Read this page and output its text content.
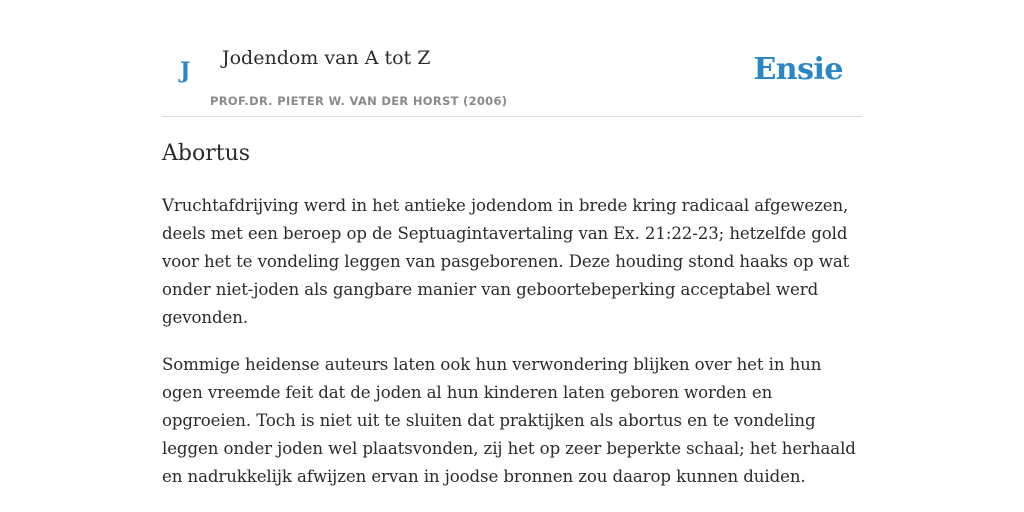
J Jodendom van A tot Z
PROF.DR. PIETER W. VAN DER HORST (2006)
Ensie
Abortus

Vruchtafdrijving werd in het antieke jodendom in brede kring radicaal afgewezen, deels met een beroep op de Septuagintavertaling van Ex. 21:22-23; hetzelfde gold voor het te vondeling leggen van pasgeborenen. Deze houding stond haaks op wat onder niet-joden als gangbare manier van geboortebeperking acceptabel werd gevonden.

Sommige heidense auteurs laten ook hun verwondering blijken over het in hun ogen vreemde feit dat de joden al hun kinderen laten geboren worden en opgroeien. Toch is niet uit te sluiten dat praktijken als abortus en te vondeling leggen onder joden wel plaatsvonden, zij het op zeer beperkte schaal; het herhaald en nadrukkelijk afwijzen ervan in joodse bronnen zou daarop kunnen duiden.
